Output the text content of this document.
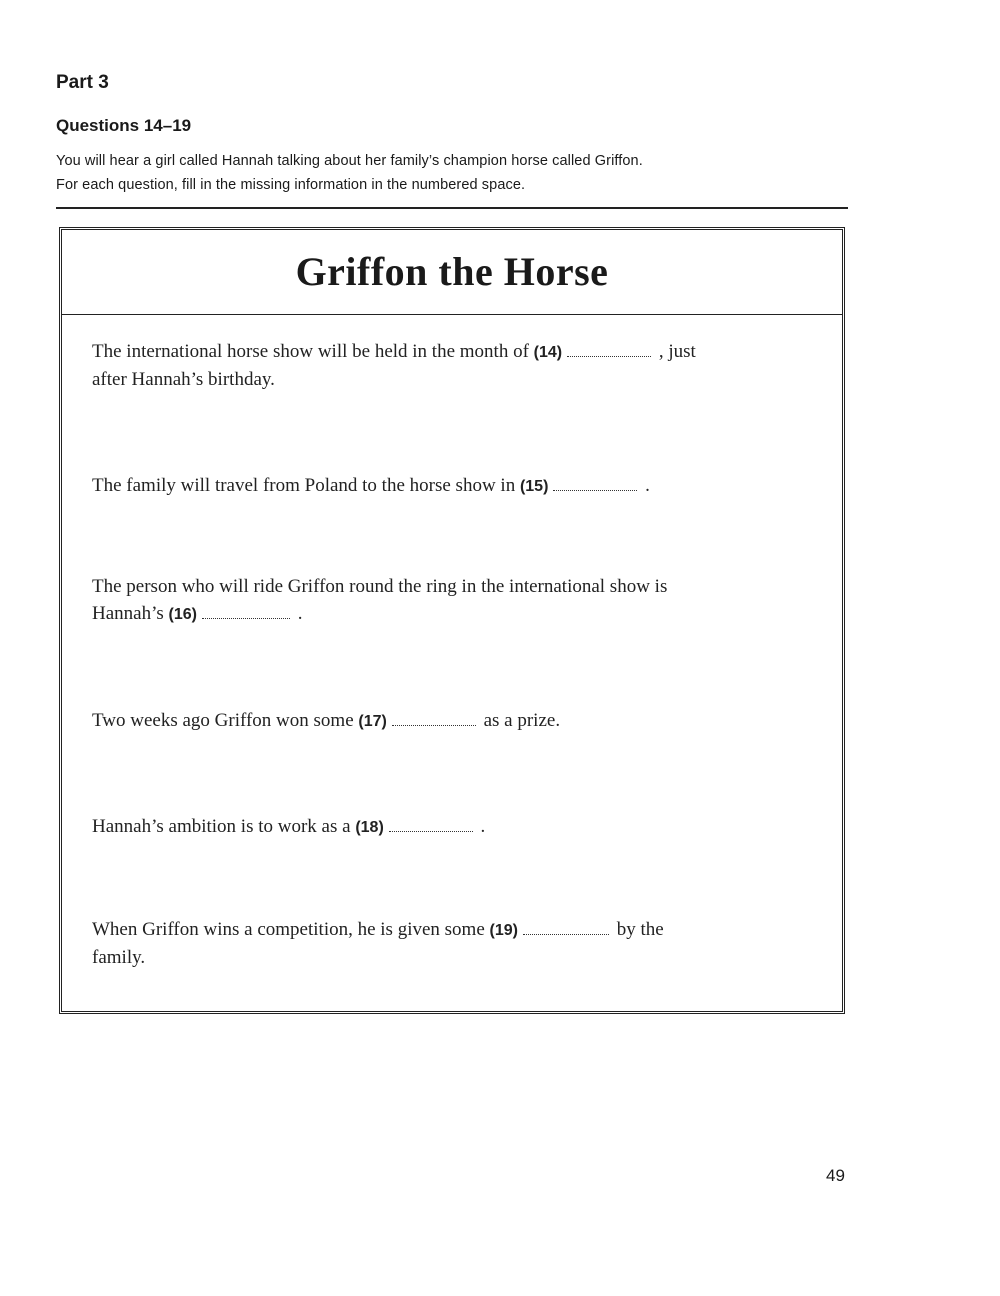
Part 3
Questions 14–19
You will hear a girl called Hannah talking about her family’s champion horse called Griffon.
For each question, fill in the missing information in the numbered space.
Griffon the Horse
The international horse show will be held in the month of (14)	, just
after Hannah’s birthday.
The family will travel from Poland to the horse show in (15)	.
The person who will ride Griffon round the ring in the international show is
Hannah’s (16)	.
Two weeks ago Griffon won some (17)	as a prize.
Hannah’s ambition is to work as a (18)	.
When Griffon wins a competition, he is given some (19)	by the
family.
49
